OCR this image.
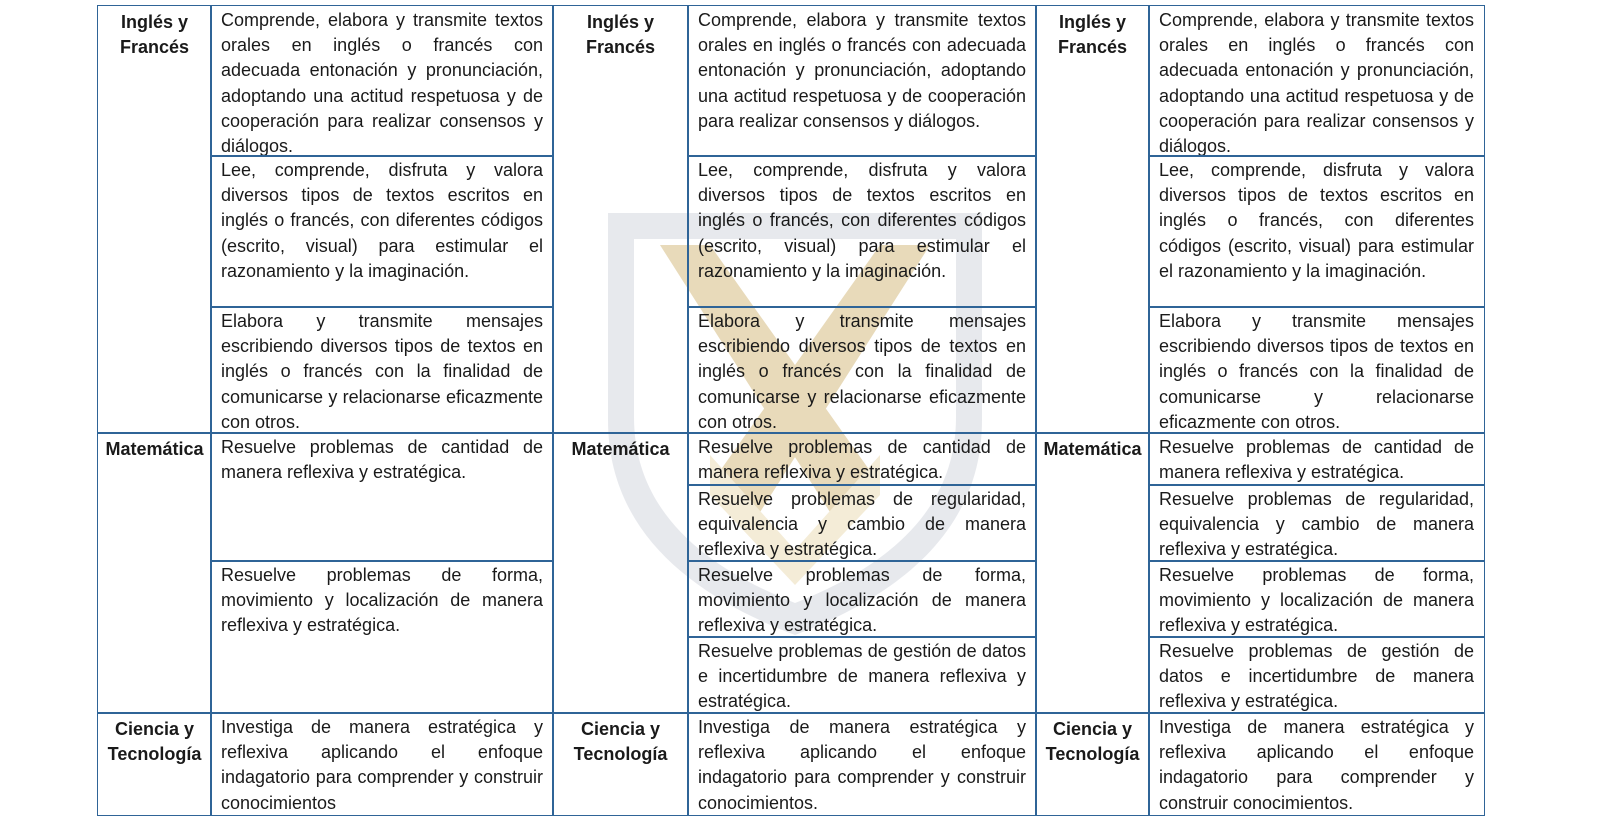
Inglés y Francés
Comprende, elabora y transmite textos orales en inglés o francés con adecuada entonación y pronunciación, adoptando una actitud respetuosa y de cooperación para realizar consensos y diálogos.
Lee, comprende, disfruta y valora diversos tipos de textos escritos en inglés o francés, con diferentes códigos (escrito, visual) para estimular el razonamiento y la imaginación.
Elabora y transmite mensajes escribiendo diversos tipos de textos en inglés o francés con la finalidad de comunicarse y relacionarse eficazmente con otros.
Matemática Resuelve problemas de cantidad de manera reflexiva y estratégica.
Resuelve problemas de forma, movimiento y localización de manera reflexiva y estratégica.
Ciencia y Tecnología
Investiga de manera estratégica y reflexiva aplicando el enfoque indagatorio para comprender y construir conocimientos
Inglés y Francés
Comprende, elabora y transmite textos orales en inglés o francés con adecuada entonación y pronunciación, adoptando una actitud respetuosa y de cooperación para realizar consensos y diálogos.
Lee, comprende, disfruta y valora diversos tipos de textos escritos en inglés o francés, con diferentes códigos (escrito, visual) para estimular el razonamiento y la imaginación.
Elabora y transmite mensajes escribiendo diversos tipos de textos en inglés o francés con la finalidad de comunicarse y relacionarse eficazmente con otros.
Matemática	Resuelve problemas de cantidad de manera reflexiva y estratégica.
Resuelve problemas de regularidad, equivalencia y cambio de manera reflexiva y estratégica.
Resuelve problemas de forma, movimiento y localización de manera reflexiva y estratégica.
Resuelve problemas de gestión de datos e incertidumbre de manera reflexiva y estratégica.
Ciencia y Tecnología
Investiga de manera estratégica y reflexiva aplicando el enfoque indagatorio para comprender y construir conocimientos.
Inglés y Francés
Comprende, elabora y transmite textos orales en inglés o francés con adecuada entonación y pronunciación, adoptando una actitud respetuosa y de cooperación para realizar consensos y diálogos.
Lee, comprende, disfruta y valora diversos tipos de textos escritos en inglés o francés, con diferentes códigos (escrito, visual) para estimular el razonamiento y la imaginación.
Elabora y transmite mensajes escribiendo diversos tipos de textos en inglés o francés con la finalidad de comunicarse y relacionarse eficazmente con otros.
Matemática Resuelve problemas de cantidad de manera reflexiva y estratégica.
Resuelve problemas de regularidad, equivalencia y cambio de manera reflexiva y estratégica.
Resuelve problemas de forma, movimiento y localización de manera reflexiva y estratégica.
Resuelve problemas de gestión de datos e incertidumbre de manera reflexiva y estratégica.
Ciencia y Tecnología
Investiga de manera estratégica y reflexiva aplicando el enfoque indagatorio para comprender y construir conocimientos.
